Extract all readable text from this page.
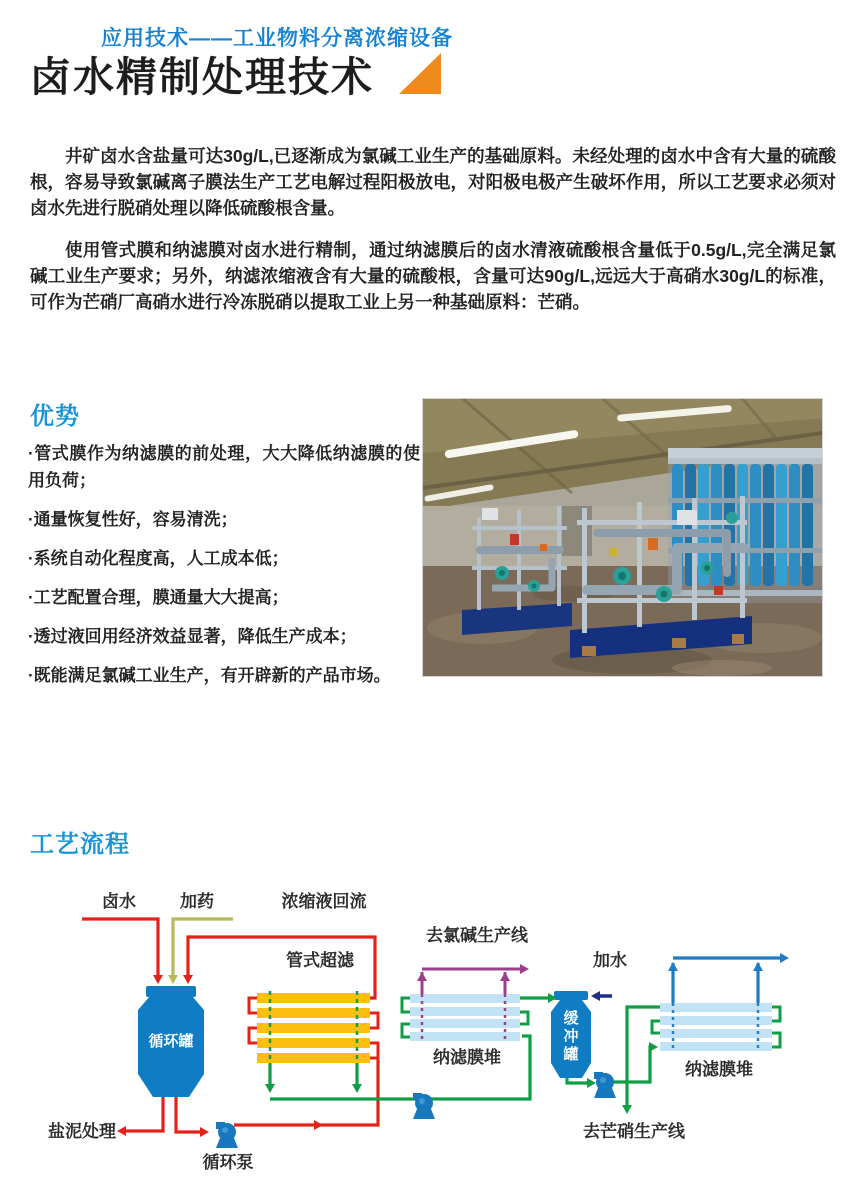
应用技术——工业物料分离浓缩设备
卤水精制处理技术

井矿卤水含盐量可达30g/L,已逐渐成为氯碱工业生产的基础原料。未经处理的卤水中含有大量的硫酸根，容易导致氯碱离子膜法生产工艺电解过程阳极放电，对阳极电极产生破坏作用，所以工艺要求必须对卤水先进行脱硝处理以降低硫酸根含量。

使用管式膜和纳滤膜对卤水进行精制，通过纳滤膜后的卤水清液硫酸根含量低于0.5g/L,完全满足氯碱工业生产要求；另外，纳滤浓缩液含有大量的硫酸根，含量可达90g/L,远远大于高硝水30g/L的标准，可作为芒硝厂高硝水进行冷冻脱硝以提取工业上另一种基础原料：芒硝。

优势

·管式膜作为纳滤膜的前处理，大大降低纳滤膜的使用负荷；

·通量恢复性好，容易清洗；

·系统自动化程度高，人工成本低；

·工艺配置合理，膜通量大大提高；

·透过液回用经济效益显著，降低生产成本；

·既能满足氯碱工业生产，有开辟新的产品市场。

工艺流程
循环罐
缓
冲
罐
卤水	加药	浓缩液回流
管式超滤
去氯碱生产线
加水
纳滤膜堆
纳滤膜堆
去芒硝生产线
盐泥处理
循环泵
